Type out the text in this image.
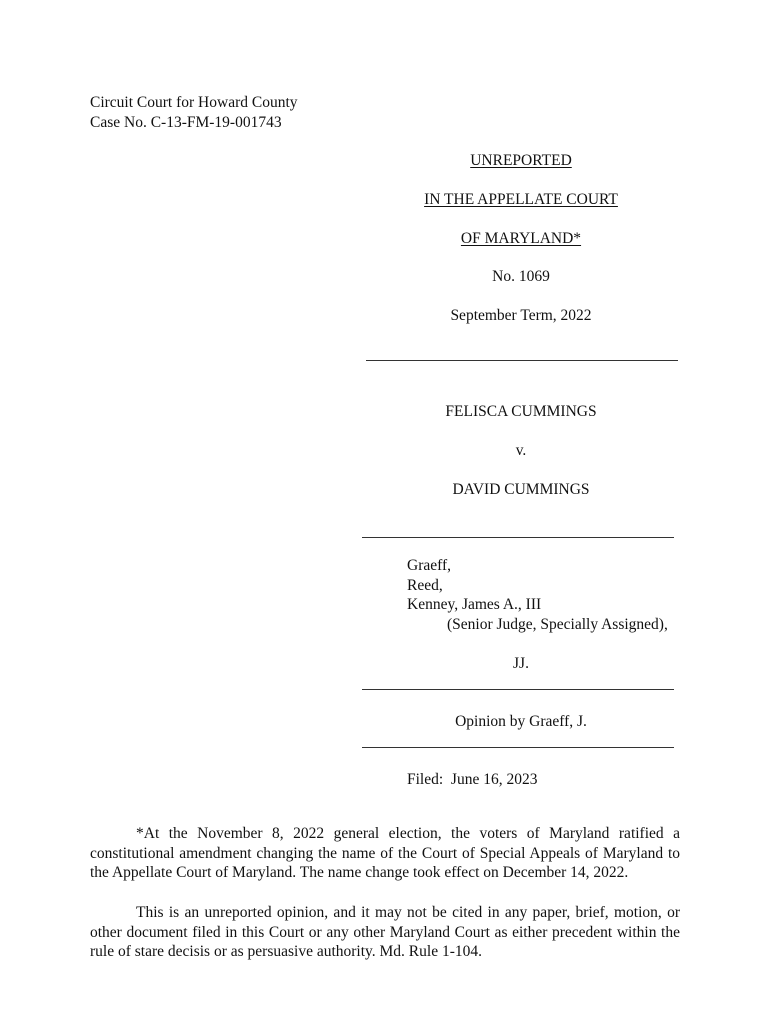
Circuit Court for Howard County
Case No. C-13-FM-19-001743
UNREPORTED
IN THE APPELLATE COURT
OF MARYLAND*
No. 1069
September Term, 2022
FELISCA CUMMINGS
v.
DAVID CUMMINGS
Graeff,
Reed,
Kenney, James A., III
(Senior Judge, Specially Assigned),
JJ.
Opinion by Graeff, J.
Filed:  June 16, 2023

*At the November 8, 2022 general election, the voters of Maryland ratified a constitutional amendment changing the name of the Court of Special Appeals of Maryland to the Appellate Court of Maryland. The name change took effect on December 14, 2022.

This is an unreported opinion, and it may not be cited in any paper, brief, motion, or other document filed in this Court or any other Maryland Court as either precedent within the rule of stare decisis or as persuasive authority. Md. Rule 1-104.
